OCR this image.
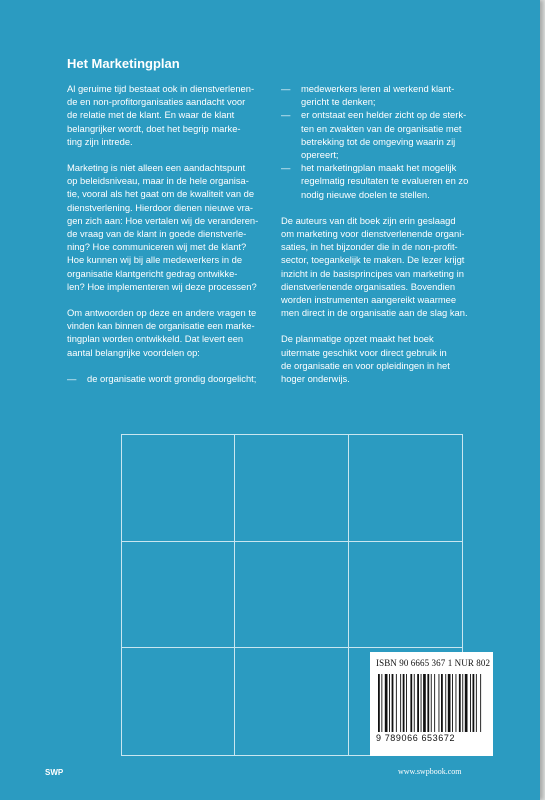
Het Marketingplan

Al geruime tijd bestaat ook in dienstverlenen-
de en non-profitorganisaties aandacht voor
de relatie met de klant. En waar de klant
belangrijker wordt, doet het begrip marke-
ting zijn intrede.

Marketing is niet alleen een aandachtspunt
op beleidsniveau, maar in de hele organisa-
tie, vooral als het gaat om de kwaliteit van de
dienstverlening. Hierdoor dienen nieuwe vra-
gen zich aan: Hoe vertalen wij de veranderen-
de vraag van de klant in goede dienstverle-
ning? Hoe communiceren wij met de klant?
Hoe kunnen wij bij alle medewerkers in de
organisatie klantgericht gedrag ontwikke-
len? Hoe implementeren wij deze processen?

Om antwoorden op deze en andere vragen te
vinden kan binnen de organisatie een marke-
tingplan worden ontwikkeld. Dat levert een
aantal belangrijke voordelen op:

—	de organisatie wordt grondig doorgelicht;
—	medewerkers leren al werkend klant-
gericht te denken;
—	er ontstaat een helder zicht op de sterk-
ten en zwakten van de organisatie met
betrekking tot de omgeving waarin zij
opereert;
—	het marketingplan maakt het mogelijk
regelmatig resultaten te evalueren en zo
nodig nieuwe doelen te stellen.

De auteurs van dit boek zijn erin geslaagd
om marketing voor dienstverlenende organi-
saties, in het bijzonder die in de non-profit-
sector, toegankelijk te maken. De lezer krijgt
inzicht in de basisprincipes van marketing in
dienstverlenende organisaties. Bovendien
worden instrumenten aangereikt waarmee
men direct in de organisatie aan de slag kan.

De planmatige opzet maakt het boek
uitermate geschikt voor direct gebruik in
de organisatie en voor opleidingen in het
hoger onderwijs.

ISBN 90 6665 367 1 NUR 802
9 789066 653672
SWP	www.swpbook.com
